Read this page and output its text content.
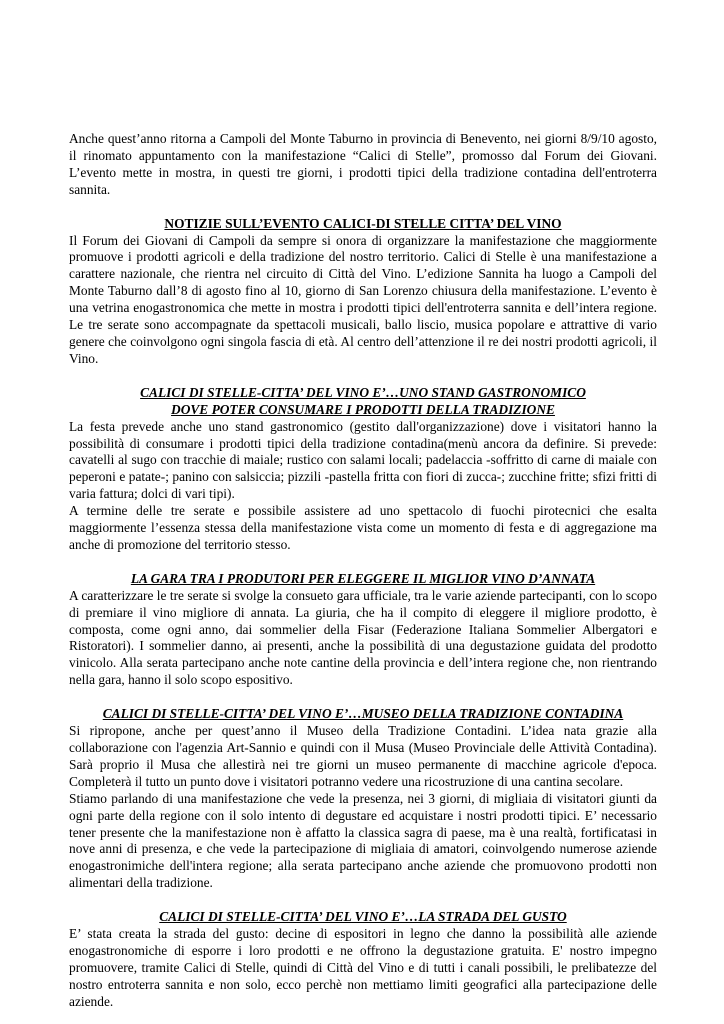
Anche quest’anno ritorna a Campoli del Monte Taburno in provincia di Benevento, nei giorni 8/9/10 agosto, il rinomato appuntamento con la manifestazione “Calici di Stelle”, promosso dal Forum dei Giovani. L’evento mette in mostra, in questi tre giorni, i prodotti tipici della tradizione contadina dell'entroterra sannita.

NOTIZIE SULL’EVENTO CALICI-DI STELLE CITTA’ DEL VINO

Il Forum dei Giovani di Campoli da sempre si onora di organizzare la manifestazione che maggiormente promuove i prodotti agricoli e della tradizione del nostro territorio. Calici di Stelle è una manifestazione a carattere nazionale, che rientra nel circuito di Città del Vino. L’edizione Sannita ha luogo a Campoli del Monte Taburno dall’8 di agosto fino al 10, giorno di San Lorenzo chiusura della manifestazione. L’evento è una vetrina enogastronomica che mette in mostra i prodotti tipici dell'entroterra sannita e dell’intera regione. Le tre serate sono accompagnate da spettacoli musicali, ballo liscio, musica popolare e attrattive di vario genere che coinvolgono ogni singola fascia di età. Al centro dell’attenzione il re dei nostri prodotti agricoli, il Vino.

CALICI DI STELLE-CITTA’ DEL VINO E’…UNO STAND GASTRONOMICO

DOVE POTER CONSUMARE I PRODOTTI DELLA TRADIZIONE

La festa prevede anche uno stand gastronomico (gestito dall'organizzazione) dove i visitatori hanno la possibilità di consumare i prodotti tipici della tradizione contadina(menù ancora da definire. Si prevede: cavatelli al sugo con tracchie di maiale; rustico con salami locali; padelaccia -soffritto di carne di maiale con peperoni e patate-; panino con salsiccia; pizzili -pastella fritta con fiori di zucca-; zucchine fritte; sfizi fritti di varia fattura; dolci di vari tipi).

A termine delle tre serate e possibile assistere ad uno spettacolo di fuochi pirotecnici che esalta maggiormente l’essenza stessa della manifestazione vista come un momento di festa e di aggregazione ma anche di promozione del territorio stesso.

LA GARA TRA I PRODUTORI PER ELEGGERE IL MIGLIOR VINO D’ANNATA

A caratterizzare le tre serate si svolge la consueto gara ufficiale, tra le varie aziende partecipanti, con lo scopo di premiare il vino migliore di annata. La giuria, che ha il compito di eleggere il migliore prodotto, è composta, come ogni anno, dai sommelier della Fisar (Federazione Italiana Sommelier Albergatori e Ristoratori). I sommelier danno, ai presenti, anche la possibilità di una degustazione guidata del prodotto vinicolo. Alla serata partecipano anche note cantine della provincia e dell’intera regione che, non rientrando nella gara, hanno il solo scopo espositivo.

CALICI DI STELLE-CITTA’ DEL VINO E’…MUSEO DELLA TRADIZIONE CONTADINA

Si ripropone, anche per quest’anno il Museo della Tradizione Contadini. L’idea nata grazie alla collaborazione con l'agenzia Art-Sannio e quindi con il Musa (Museo Provinciale delle Attività Contadina). Sarà proprio il Musa che allestirà nei tre giorni un museo permanente di macchine agricole d'epoca. Completerà il tutto un punto dove i visitatori potranno vedere una ricostruzione di una cantina secolare.

Stiamo parlando di una manifestazione che vede la presenza, nei 3 giorni, di migliaia di visitatori giunti da ogni parte della regione con il solo intento di degustare ed acquistare i nostri prodotti tipici. E’ necessario tener presente che la manifestazione non è affatto la classica sagra di paese, ma è una realtà, fortificatasi in nove anni di presenza, e che vede la partecipazione di migliaia di amatori, coinvolgendo numerose aziende enogastronimiche dell'intera regione; alla serata partecipano anche aziende che promuovono prodotti non alimentari della tradizione.

CALICI DI STELLE-CITTA’ DEL VINO E’…LA STRADA DEL GUSTO

E’ stata creata la strada del gusto: decine di espositori in legno che danno la possibilità alle aziende enogastronomiche di esporre i loro prodotti e ne offrono la degustazione gratuita. E' nostro impegno promuovere, tramite Calici di Stelle, quindi di Città del Vino e di tutti i canali possibili, le prelibatezze del nostro entroterra sannita e non solo, ecco perchè non mettiamo limiti geografici alla partecipazione delle aziende.
